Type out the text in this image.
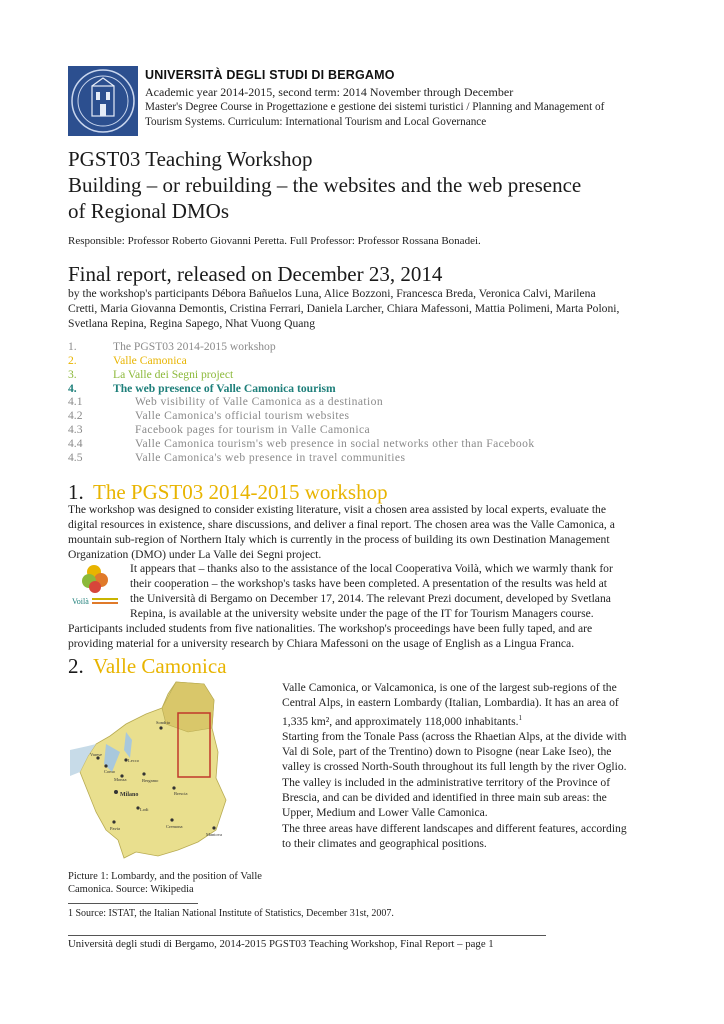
UNIVERSITÀ DEGLI STUDI DI BERGAMO
Academic year 2014-2015, second term: 2014 November through December
Master's Degree Course in Progettazione e gestione dei sistemi turistici / Planning and Management of
Tourism Systems. Curriculum: International Tourism and Local Governance
PGST03 Teaching Workshop
Building – or rebuilding – the websites and the web presence
of Regional DMOs
Responsible: Professor Roberto Giovanni Peretta. Full Professor: Professor Rossana Bonadei.
Final report, released on December 23, 2014
by the workshop's participants Débora Bañuelos Luna, Alice Bozzoni, Francesca Breda, Veronica Calvi, Marilena
Cretti, Maria Giovanna Demontis, Cristina Ferrari, Daniela Larcher, Chiara Mafessoni, Mattia Polimeni, Marta Poloni,
Svetlana Repina, Regina Sapego, Nhat Vuong Quang
1.	The PGST03 2014-2015 workshop
2.	Valle Camonica
3.	La Valle dei Segni project
4.	The web presence of Valle Camonica tourism
4.1	Web visibility of Valle Camonica as a destination
4.2	Valle Camonica's official tourism websites
4.3	Facebook pages for tourism in Valle Camonica
4.4	Valle Camonica tourism's web presence in social networks other than Facebook
4.5	Valle Camonica's web presence in travel communities
1. The PGST03 2014-2015 workshop
The workshop was designed to consider existing literature, visit a chosen area assisted by local experts, evaluate the
digital resources in existence, share discussions, and deliver a final report. The chosen area was the Valle Camonica, a
mountain sub-region of Northern Italy which is currently in the process of building its own Destination Management
Organization (DMO) under La Valle dei Segni project.
Voilà
It appears that – thanks also to the assistance of the local Cooperativa Voilà, which we warmly thank for
their cooperation – the workshop's tasks have been completed. A presentation of the results was held at
the Università di Bergamo on December 17, 2014. The relevant Prezi document, developed by Svetlana
Repina, is available at the university website under the page of the IT for Tourism Managers course.
Participants included students from five nationalities. The workshop's proceedings have been fully taped, and are
providing material for a university research by Chiara Mafessoni on the usage of English as a Lingua Franca.
2. Valle Camonica
Sondrio
Varese
Como
Lecco
Monza	Bergamo
Milano	Brescia
Lodi
Pavia	Cremona
Mantova
Picture 1: Lombardy, and the position of Valle
Camonica. Source: Wikipedia
Valle Camonica, or Valcamonica, is one of the largest sub-regions of the
Central Alps, in eastern Lombardy (Italian, Lombardia). It has an area of
1,335 km², and approximately 118,000 inhabitants.$^1$
Starting from the Tonale Pass (across the Rhaetian Alps, at the divide with
Val di Sole, part of the Trentino) down to Pisogne (near Lake Iseo), the
valley is crossed North-South throughout its full length by the river Oglio.
The valley is included in the administrative territory of the Province of
Brescia, and can be divided and identified in three main sub areas: the
Upper, Medium and Lower Valle Camonica.
The three areas have different landscapes and different features, according
to their climates and geographical positions.
1 Source: ISTAT, the Italian National Institute of Statistics, December 31st, 2007.
Università degli studi di Bergamo, 2014-2015 PGST03 Teaching Workshop, Final Report – page 1
